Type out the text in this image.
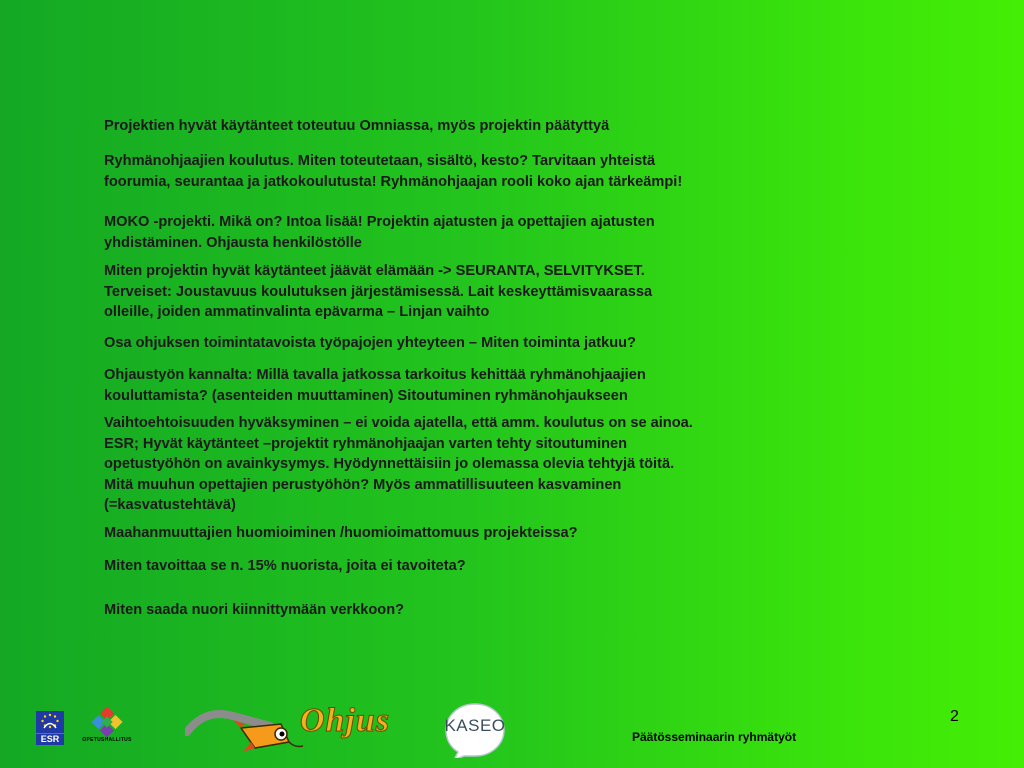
Projektien hyvät käytänteet toteutuu Omniassa, myös projektin päätyttyä

Ryhmänohjaajien koulutus. Miten toteutetaan, sisältö, kesto? Tarvitaan yhteistä
foorumia, seurantaa ja jatkokoulutusta! Ryhmänohjaajan rooli koko ajan tärkeämpi!

MOKO -projekti. Mikä on? Intoa lisää! Projektin ajatusten ja opettajien ajatusten
yhdistäminen. Ohjausta henkilöstölle

Miten projektin hyvät käytänteet jäävät elämään -> SEURANTA, SELVITYKSET.
Terveiset: Joustavuus koulutuksen järjestämisessä. Lait keskeyttämisvaarassa
olleille, joiden ammatinvalinta epävarma – Linjan vaihto

Osa ohjuksen toimintatavoista työpajojen yhteyteen – Miten toiminta jatkuu?

Ohjaustyön kannalta: Millä tavalla jatkossa tarkoitus kehittää ryhmänohjaajien
kouluttamista? (asenteiden muuttaminen) Sitoutuminen ryhmänohjaukseen

Vaihtoehtoisuuden hyväksyminen – ei voida ajatella, että amm. koulutus on se ainoa.
ESR; Hyvät käytänteet –projektit ryhmänohjaajan varten tehty sitoutuminen
opetustyöhön on avainkysymys. Hyödynnettäisiin jo olemassa olevia tehtyjä töitä.
Mitä muuhun opettajien perustyöhön? Myös ammatillisuuteen kasvaminen
(=kasvatustehtävä)

Maahanmuuttajien huomioiminen /huomioimattomuus projekteissa?

Miten tavoittaa se n. 15% nuorista, joita ei tavoiteta?

Miten saada nuori kiinnittymään verkkoon?

ESR	OPETUSHALLITUS
Ohjus	KASEO
Päätösseminaarin ryhmätyöt
2
